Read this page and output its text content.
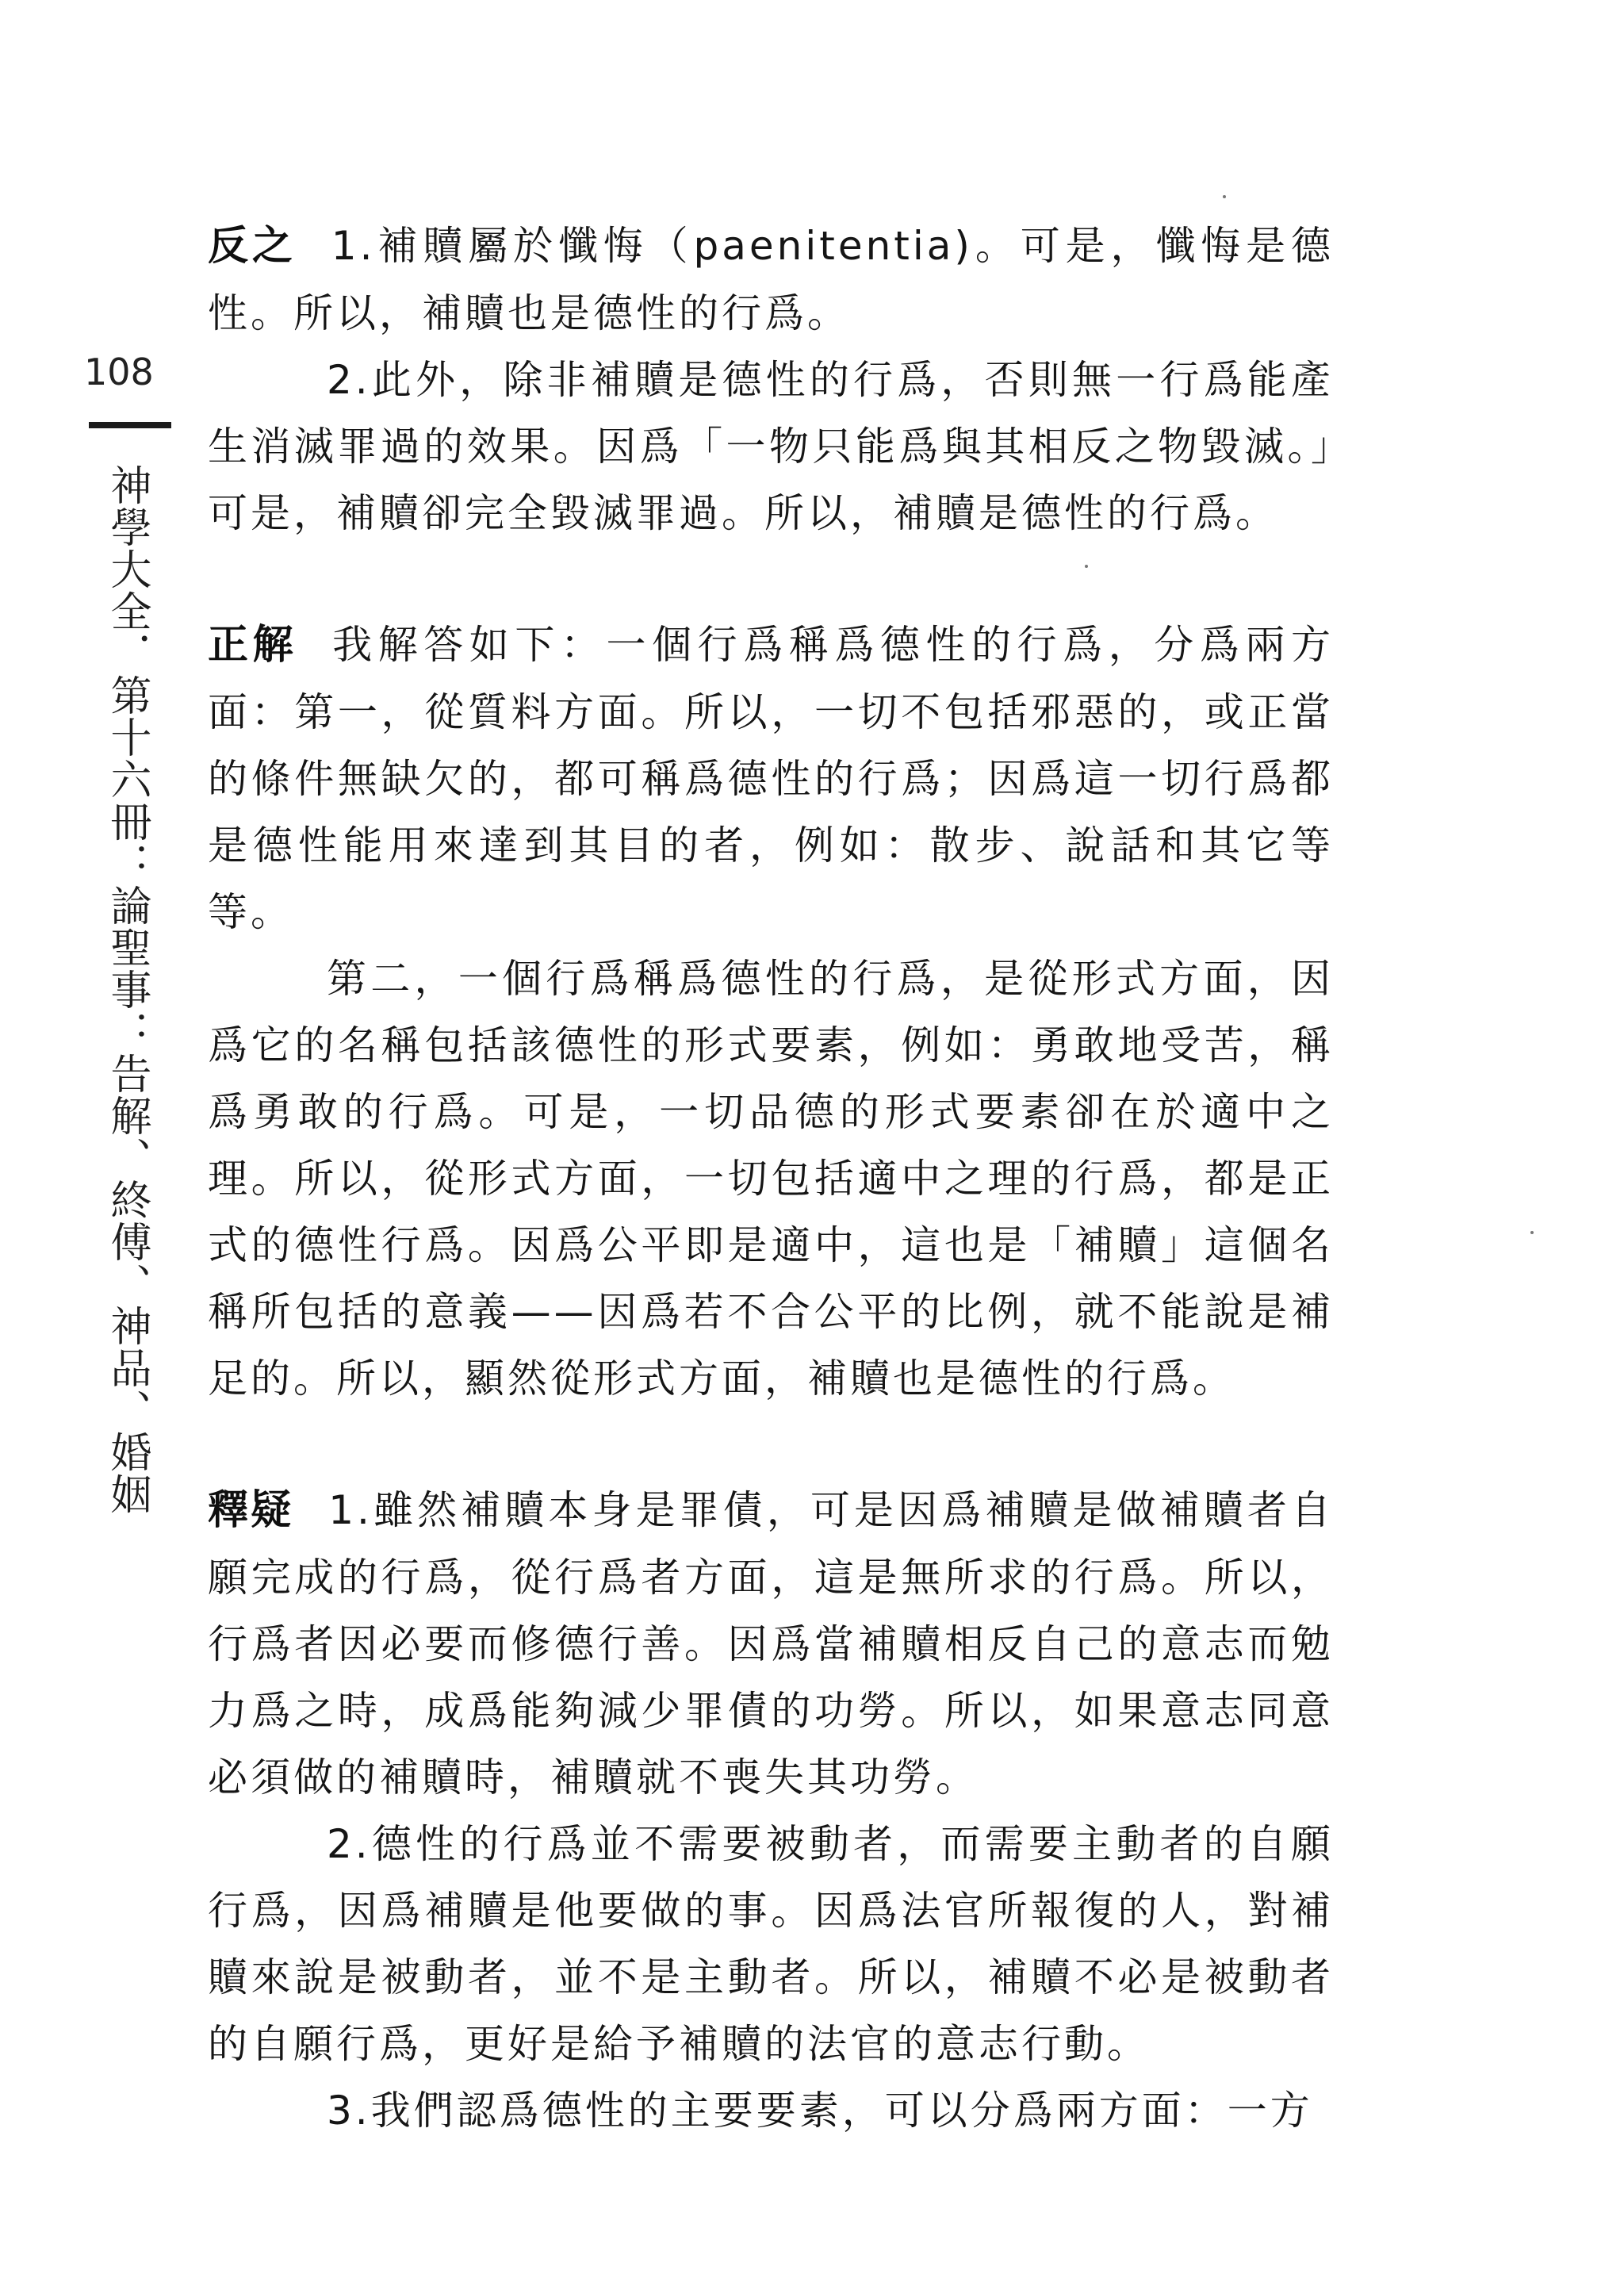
108
神學大全．第十六冊：論聖事：告解、終傅、神品、婚姻

反之 1.補贖屬於懺悔（paenitentia)。可是，懺悔是德性。所以，補贖也是德性的行爲。

2.此外，除非補贖是德性的行爲，否則無一行爲能產生消滅罪過的效果。因爲「一物只能爲與其相反之物毀滅。」可是，補贖卻完全毀滅罪過。所以，補贖是德性的行爲。

正解 我解答如下：一個行爲稱爲德性的行爲，分爲兩方面：第一，從質料方面。所以，一切不包括邪惡的，或正當的條件無缺欠的，都可稱爲德性的行爲；因爲這一切行爲都是德性能用來達到其目的者，例如：散步、說話和其它等等。

第二，一個行爲稱爲德性的行爲，是從形式方面，因爲它的名稱包括該德性的形式要素，例如：勇敢地受苦，稱爲勇敢的行爲。可是，一切品德的形式要素卻在於適中之理。所以，從形式方面，一切包括適中之理的行爲，都是正式的德性行爲。因爲公平即是適中，這也是「補贖」這個名稱所包括的意義——因爲若不合公平的比例，就不能說是補足的。所以，顯然從形式方面，補贖也是德性的行爲。

釋疑 1.雖然補贖本身是罪債，可是因爲補贖是做補贖者自願完成的行爲，從行爲者方面，這是無所求的行爲。所以，行爲者因必要而修德行善。因爲當補贖相反自己的意志而勉力爲之時，成爲能夠減少罪債的功勞。所以，如果意志同意必須做的補贖時，補贖就不喪失其功勞。

2.德性的行爲並不需要被動者，而需要主動者的自願行爲，因爲補贖是他要做的事。因爲法官所報復的人，對補贖來說是被動者，並不是主動者。所以，補贖不必是被動者的自願行爲，更好是給予補贖的法官的意志行動。

3.我們認爲德性的主要要素，可以分爲兩方面：一方
